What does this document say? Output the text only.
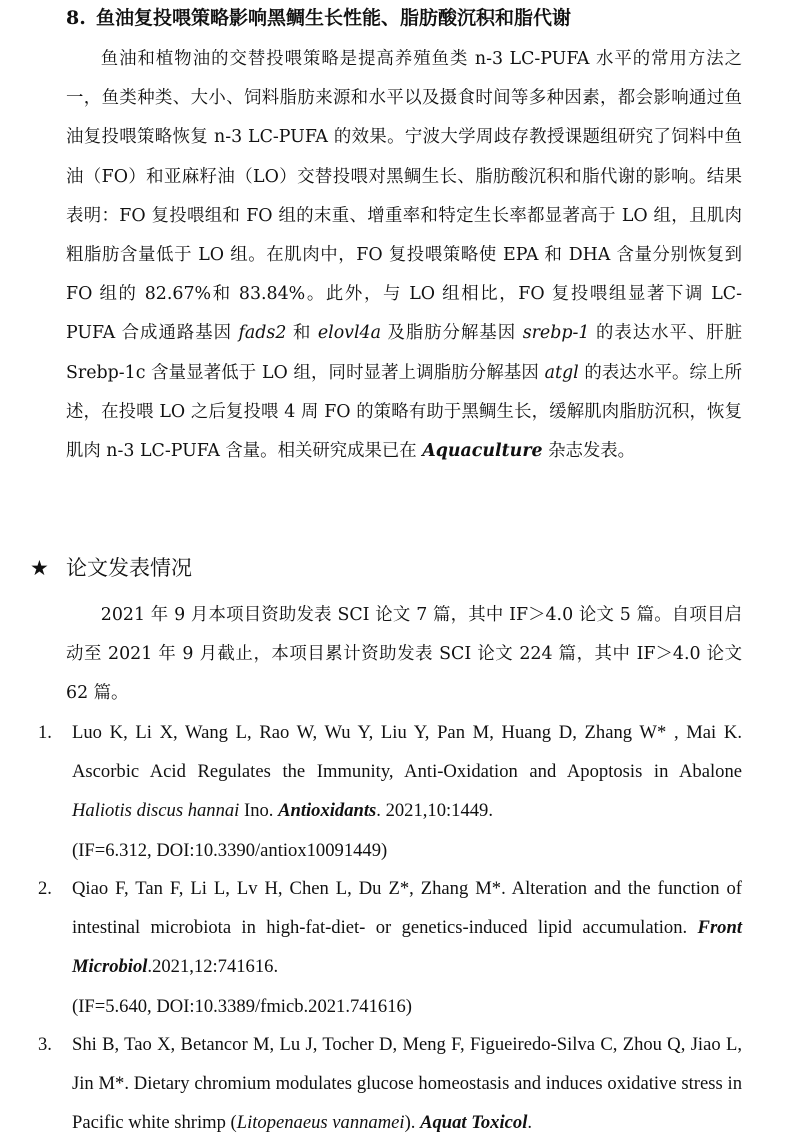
8. 鱼油复投喂策略影响黑鲷生长性能、脂肪酸沉积和脂代谢
鱼油和植物油的交替投喂策略是提高养殖鱼类 n-3 LC-PUFA 水平的常用方法之一，鱼类种类、大小、饲料脂肪来源和水平以及摄食时间等多种因素，都会影响通过鱼油复投喂策略恢复 n-3 LC-PUFA 的效果。宁波大学周歧存教授课题组研究了饲料中鱼油（FO）和亚麻籽油（LO）交替投喂对黑鲷生长、脂肪酸沉积和脂代谢的影响。结果表明：FO 复投喂组和 FO 组的末重、增重率和特定生长率都显著高于 LO 组，且肌肉粗脂肪含量低于 LO 组。在肌肉中，FO 复投喂策略使 EPA 和 DHA 含量分别恢复到 FO 组的 82.67%和 83.84%。此外，与 LO 组相比，FO 复投喂组显著下调 LC-PUFA 合成通路基因 fads2 和 elovl4a 及脂肪分解基因 srebp-1 的表达水平、肝脏 Srebp-1c 含量显著低于 LO 组，同时显著上调脂肪分解基因 atgl 的表达水平。综上所述，在投喂 LO 之后复投喂 4 周 FO 的策略有助于黑鲷生长，缓解肌肉脂肪沉积，恢复肌肉 n-3 LC-PUFA 含量。相关研究成果已在 Aquaculture 杂志发表。
★ 论文发表情况
2021 年 9 月本项目资助发表 SCI 论文 7 篇，其中 IF＞4.0 论文 5 篇。自项目启动至 2021 年 9 月截止，本项目累计资助发表 SCI 论文 224 篇，其中 IF＞4.0 论文 62 篇。
1. Luo K, Li X, Wang L, Rao W, Wu Y, Liu Y, Pan M, Huang D, Zhang W* , Mai K. Ascorbic Acid Regulates the Immunity, Anti-Oxidation and Apoptosis in Abalone Haliotis discus hannai Ino. Antioxidants. 2021,10:1449.
(IF=6.312, DOI:10.3390/antiox10091449)
2. Qiao F, Tan F, Li L, Lv H, Chen L, Du Z*, Zhang M*. Alteration and the function of intestinal microbiota in high-fat-diet- or genetics-induced lipid accumulation. Front Microbiol.2021,12:741616.
(IF=5.640, DOI:10.3389/fmicb.2021.741616)
3. Shi B, Tao X, Betancor M, Lu J, Tocher D, Meng F, Figueiredo-Silva C, Zhou Q, Jiao L, Jin M*. Dietary chromium modulates glucose homeostasis and induces oxidative stress in Pacific white shrimp (Litopenaeus vannamei). Aquat Toxicol.
